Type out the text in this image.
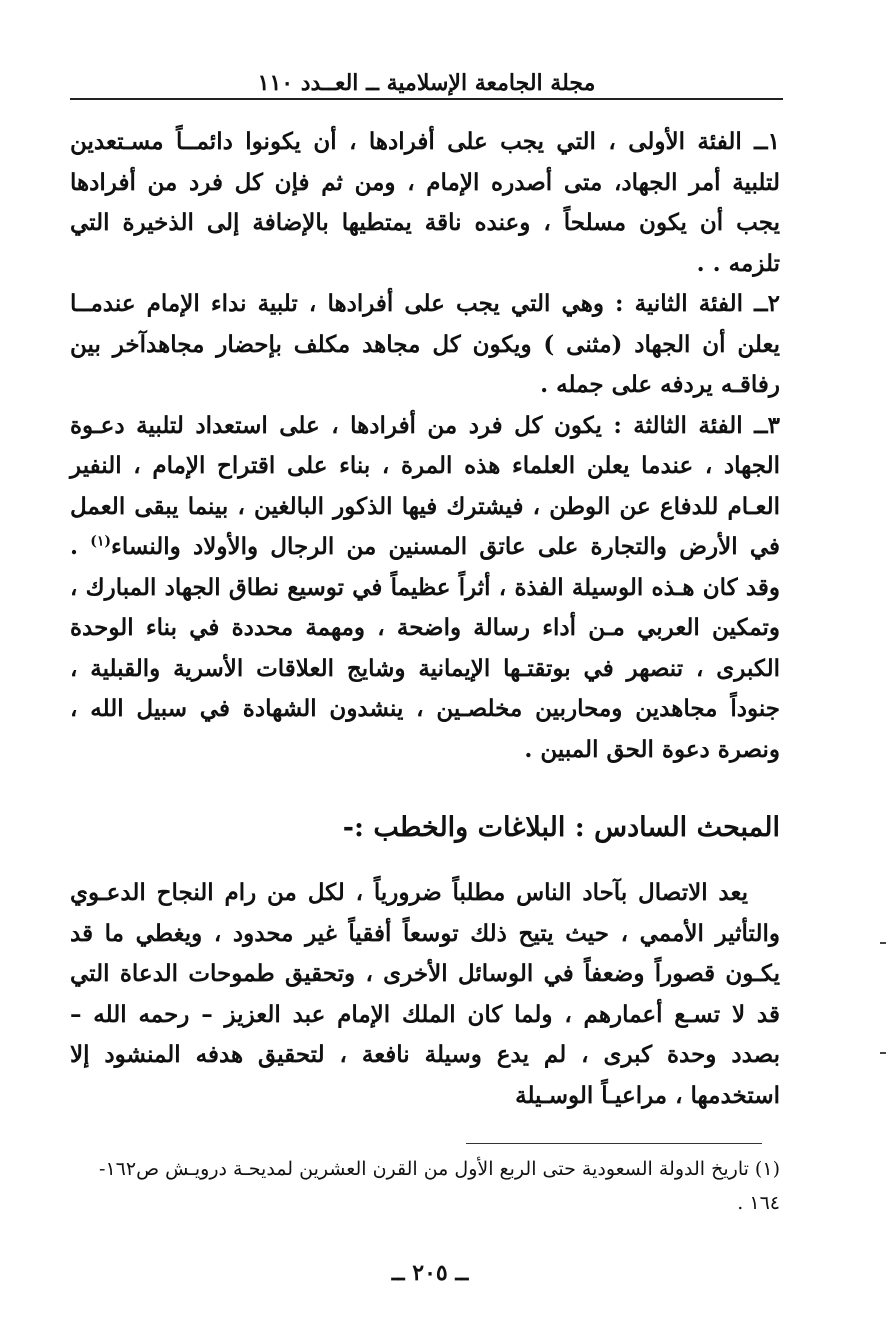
مجلة الجامعة الإسلامية ــ العــدد ١١٠

١ــ الفئة الأولى ، التي يجب على أفرادها ، أن يكونوا دائمــاً مسـتعدين لتلبية أمر الجهاد، متى أصدره الإمام ، ومن ثم فإن كل فرد من أفرادها يجب أن يكون مسلحاً ، وعنده ناقة يمتطيها بالإضافة إلى الذخيرة التي تلزمه . .

٢ــ الفئة الثانية : وهي التي يجب على أفرادها ، تلبية نداء الإمام عندمــا يعلن أن الجهاد (مثنى ) ويكون كل مجاهد مكلف بإحضار مجاهدآخر بين رفاقـه يردفه على جمله .

٣ــ الفئة الثالثة : يكون كل فرد من أفرادها ، على استعداد لتلبية دعـوة الجهاد ، عندما يعلن العلماء هذه المرة ، بناء على اقتراح الإمام ، النفير العـام للدفاع عن الوطن ، فيشترك فيها الذكور البالغين ، بينما يبقى العمل في الأرض والتجارة على عاتق المسنين من الرجال والأولاد والنساء$^{(١)}$ . وقد كان هـذه الوسيلة الفذة ، أثراً عظيماً في توسيع نطاق الجهاد المبارك ، وتمكين العربي مـن أداء رسالة واضحة ، ومهمة محددة في بناء الوحدة الكبرى ، تنصهر في بوتقتـها الإيمانية وشايج العلاقات الأسرية والقبلية ، جنوداً مجاهدين ومحاربين مخلصـين ، ينشدون الشهادة في سبيل الله ، ونصرة دعوة الحق المبين .

المبحث السادس : البلاغات والخطب :-

يعد الاتصال بآحاد الناس مطلباً ضرورياً ، لكل من رام النجاح الدعـوي والتأثير الأممي ، حيث يتيح ذلك توسعاً أفقياً غير محدود ، ويغطي ما قد يكـون قصوراً وضعفاً في الوسائل الأخرى ، وتحقيق طموحات الدعاة التي قد لا تسـع أعمارهم ، ولما كان الملك الإمام عبد العزيز – رحمه الله – بصدد وحدة كبرى ، لم يدع وسيلة نافعة ، لتحقيق هدفه المنشود إلا استخدمها ، مراعيـاً الوسـيلة

(١) تاريخ الدولة السعودية حتى الربع الأول من القرن العشرين لمديحـة درويـش ص١٦٢-

١٦٤ .

ــ ٢٠٥ ــ
